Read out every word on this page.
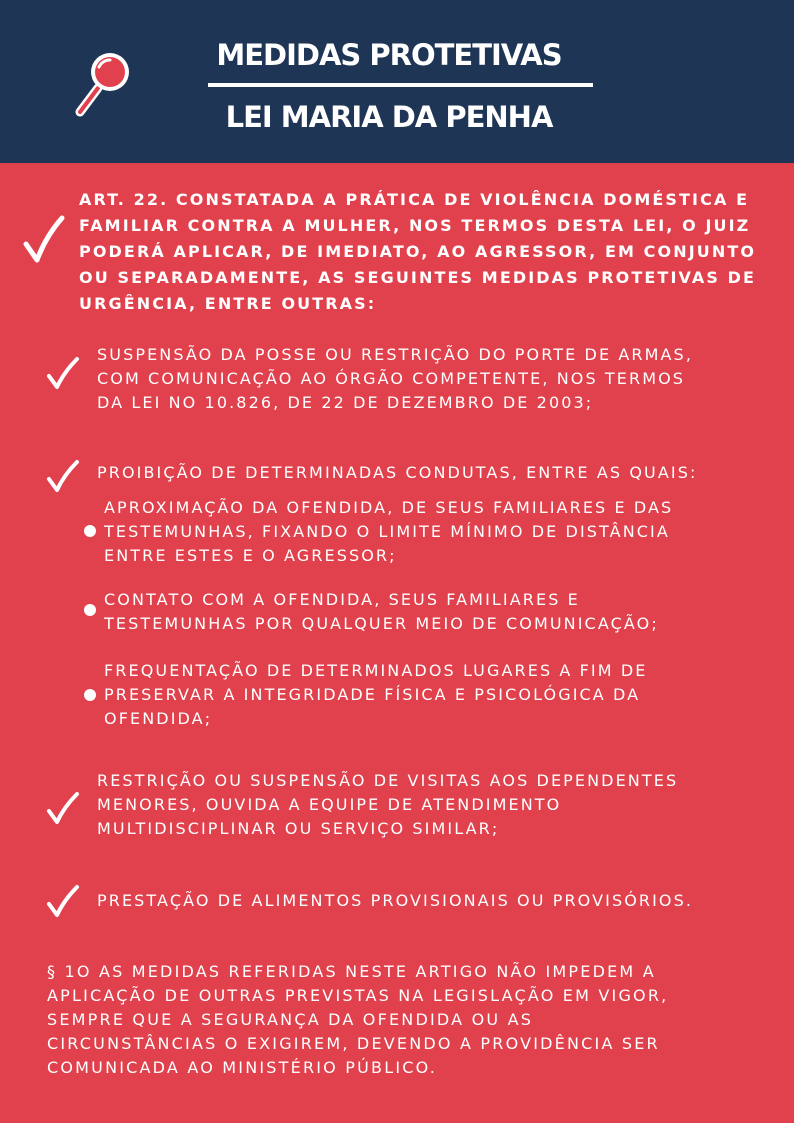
MEDIDAS PROTETIVAS
LEI MARIA DA PENHA
ART. 22. CONSTATADA A PRÁTICA DE VIOLÊNCIA DOMÉSTICA E
FAMILIAR CONTRA A MULHER, NOS TERMOS DESTA LEI, O JUIZ
PODERÁ APLICAR, DE IMEDIATO, AO AGRESSOR, EM CONJUNTO
OU SEPARADAMENTE, AS SEGUINTES MEDIDAS PROTETIVAS DE
URGÊNCIA, ENTRE OUTRAS:
SUSPENSÃO DA POSSE OU RESTRIÇÃO DO PORTE DE ARMAS,
COM COMUNICAÇÃO AO ÓRGÃO COMPETENTE, NOS TERMOS
DA LEI NO 10.826, DE 22 DE DEZEMBRO DE 2003;
PROIBIÇÃO DE DETERMINADAS CONDUTAS, ENTRE AS QUAIS:
APROXIMAÇÃO DA OFENDIDA, DE SEUS FAMILIARES E DAS
TESTEMUNHAS, FIXANDO O LIMITE MÍNIMO DE DISTÂNCIA
ENTRE ESTES E O AGRESSOR;
CONTATO COM A OFENDIDA, SEUS FAMILIARES E
TESTEMUNHAS POR QUALQUER MEIO DE COMUNICAÇÃO;
FREQUENTAÇÃO DE DETERMINADOS LUGARES A FIM DE
PRESERVAR A INTEGRIDADE FÍSICA E PSICOLÓGICA DA
OFENDIDA;
RESTRIÇÃO OU SUSPENSÃO DE VISITAS AOS DEPENDENTES
MENORES, OUVIDA A EQUIPE DE ATENDIMENTO
MULTIDISCIPLINAR OU SERVIÇO SIMILAR;
PRESTAÇÃO DE ALIMENTOS PROVISIONAIS OU PROVISÓRIOS.
§ 1O AS MEDIDAS REFERIDAS NESTE ARTIGO NÃO IMPEDEM A
APLICAÇÃO DE OUTRAS PREVISTAS NA LEGISLAÇÃO EM VIGOR,
SEMPRE QUE A SEGURANÇA DA OFENDIDA OU AS
CIRCUNSTÂNCIAS O EXIGIREM, DEVENDO A PROVIDÊNCIA SER
COMUNICADA AO MINISTÉRIO PÚBLICO.
